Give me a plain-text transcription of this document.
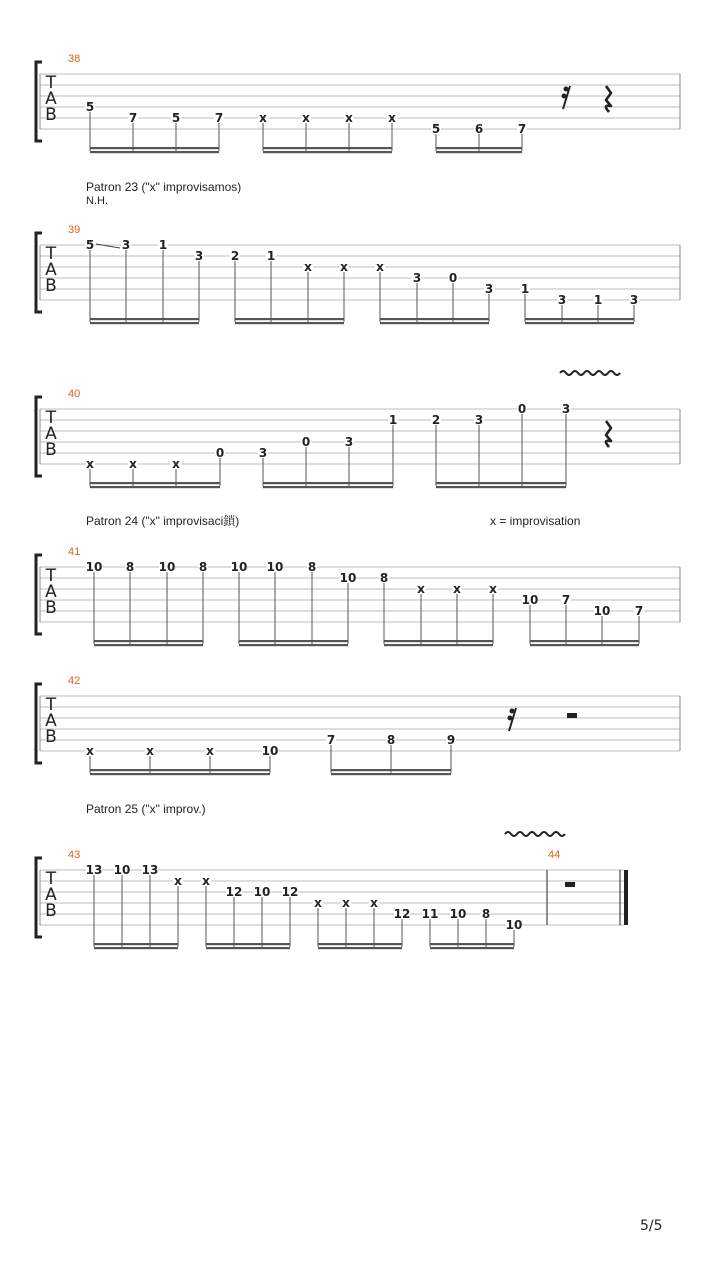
T
A
B
38
5
7	5	7	x	x	x	x
5	6	7
T
A
B
39
Patron 23 ("x" improvisamos)
N.H.
5 3 1
3 2 1
x x x
3 0
3 1
3 1 3
T
A
B
40
x	x	x
0	3
0	3
1	2	3
0	3
T
A
B
41
Patron 24 ("x" improvisaci鎖)	x = improvisation
10 8 10 8 10 10 8
10 8
x x x
10 7
10 7
T
A
B
42
x	x	x	10
7	8	9
T
A
B
43
Patron 25 ("x" improv.)
13 10 13
x x
12 10 12
x x x
12 11 10 8
10
44
5/5
